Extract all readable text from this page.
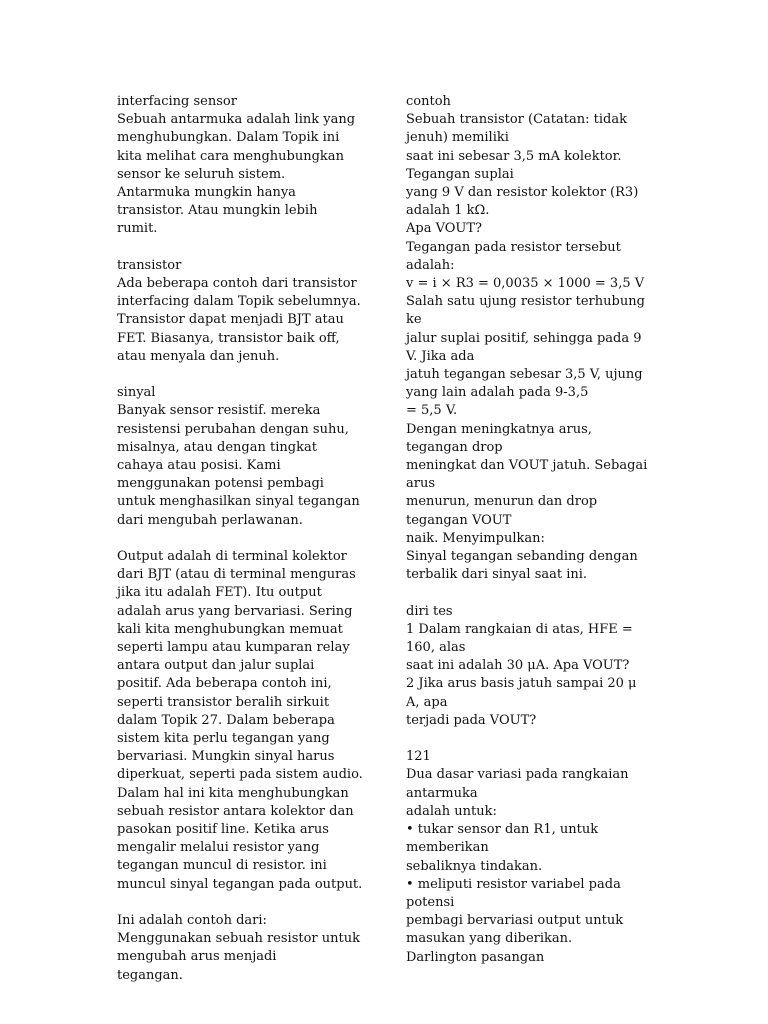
interfacing sensor
Sebuah antarmuka adalah link yang
menghubungkan. Dalam Topik ini
kita melihat cara menghubungkan
sensor ke seluruh sistem.
Antarmuka mungkin hanya
transistor. Atau mungkin lebih
rumit.
transistor
Ada beberapa contoh dari transistor
interfacing dalam Topik sebelumnya.
Transistor dapat menjadi BJT atau
FET. Biasanya, transistor baik off,
atau menyala dan jenuh.
sinyal
Banyak sensor resistif. mereka
resistensi perubahan dengan suhu,
misalnya, atau dengan tingkat
cahaya atau posisi. Kami
menggunakan potensi pembagi
untuk menghasilkan sinyal tegangan
dari mengubah perlawanan.
Output adalah di terminal kolektor
dari BJT (atau di terminal menguras
jika itu adalah FET). Itu output
adalah arus yang bervariasi. Sering
kali kita menghubungkan memuat
seperti lampu atau kumparan relay
antara output dan jalur suplai
positif. Ada beberapa contoh ini,
seperti transistor beralih sirkuit
dalam Topik 27. Dalam beberapa
sistem kita perlu tegangan yang
bervariasi. Mungkin sinyal harus
diperkuat, seperti pada sistem audio.
Dalam hal ini kita menghubungkan
sebuah resistor antara kolektor dan
pasokan positif line. Ketika arus
mengalir melalui resistor yang
tegangan muncul di resistor. ini
muncul sinyal tegangan pada output.
Ini adalah contoh dari:
Menggunakan sebuah resistor untuk
mengubah arus menjadi
tegangan.
contoh
Sebuah transistor (Catatan: tidak
jenuh) memiliki
saat ini sebesar 3,5 mA kolektor.
Tegangan suplai
yang 9 V dan resistor kolektor (R3)
adalah 1 kΩ.
Apa VOUT?
Tegangan pada resistor tersebut
adalah:
v = i × R3 = 0,0035 × 1000 = 3,5 V
Salah satu ujung resistor terhubung
ke
jalur suplai positif, sehingga pada 9
V. Jika ada
jatuh tegangan sebesar 3,5 V, ujung
yang lain adalah pada 9-3,5
= 5,5 V.
Dengan meningkatnya arus,
tegangan drop
meningkat dan VOUT jatuh. Sebagai
arus
menurun, menurun dan drop
tegangan VOUT
naik. Menyimpulkan:
Sinyal tegangan sebanding dengan
terbalik dari sinyal saat ini.
diri tes
1 Dalam rangkaian di atas, HFE =
160, alas
saat ini adalah 30 μA. Apa VOUT?
2 Jika arus basis jatuh sampai 20 μ
A, apa
terjadi pada VOUT?
121
Dua dasar variasi pada rangkaian
antarmuka
adalah untuk:
• tukar sensor dan R1, untuk
memberikan
sebaliknya tindakan.
• meliputi resistor variabel pada
potensi
pembagi bervariasi output untuk
masukan yang diberikan.
Darlington pasangan
